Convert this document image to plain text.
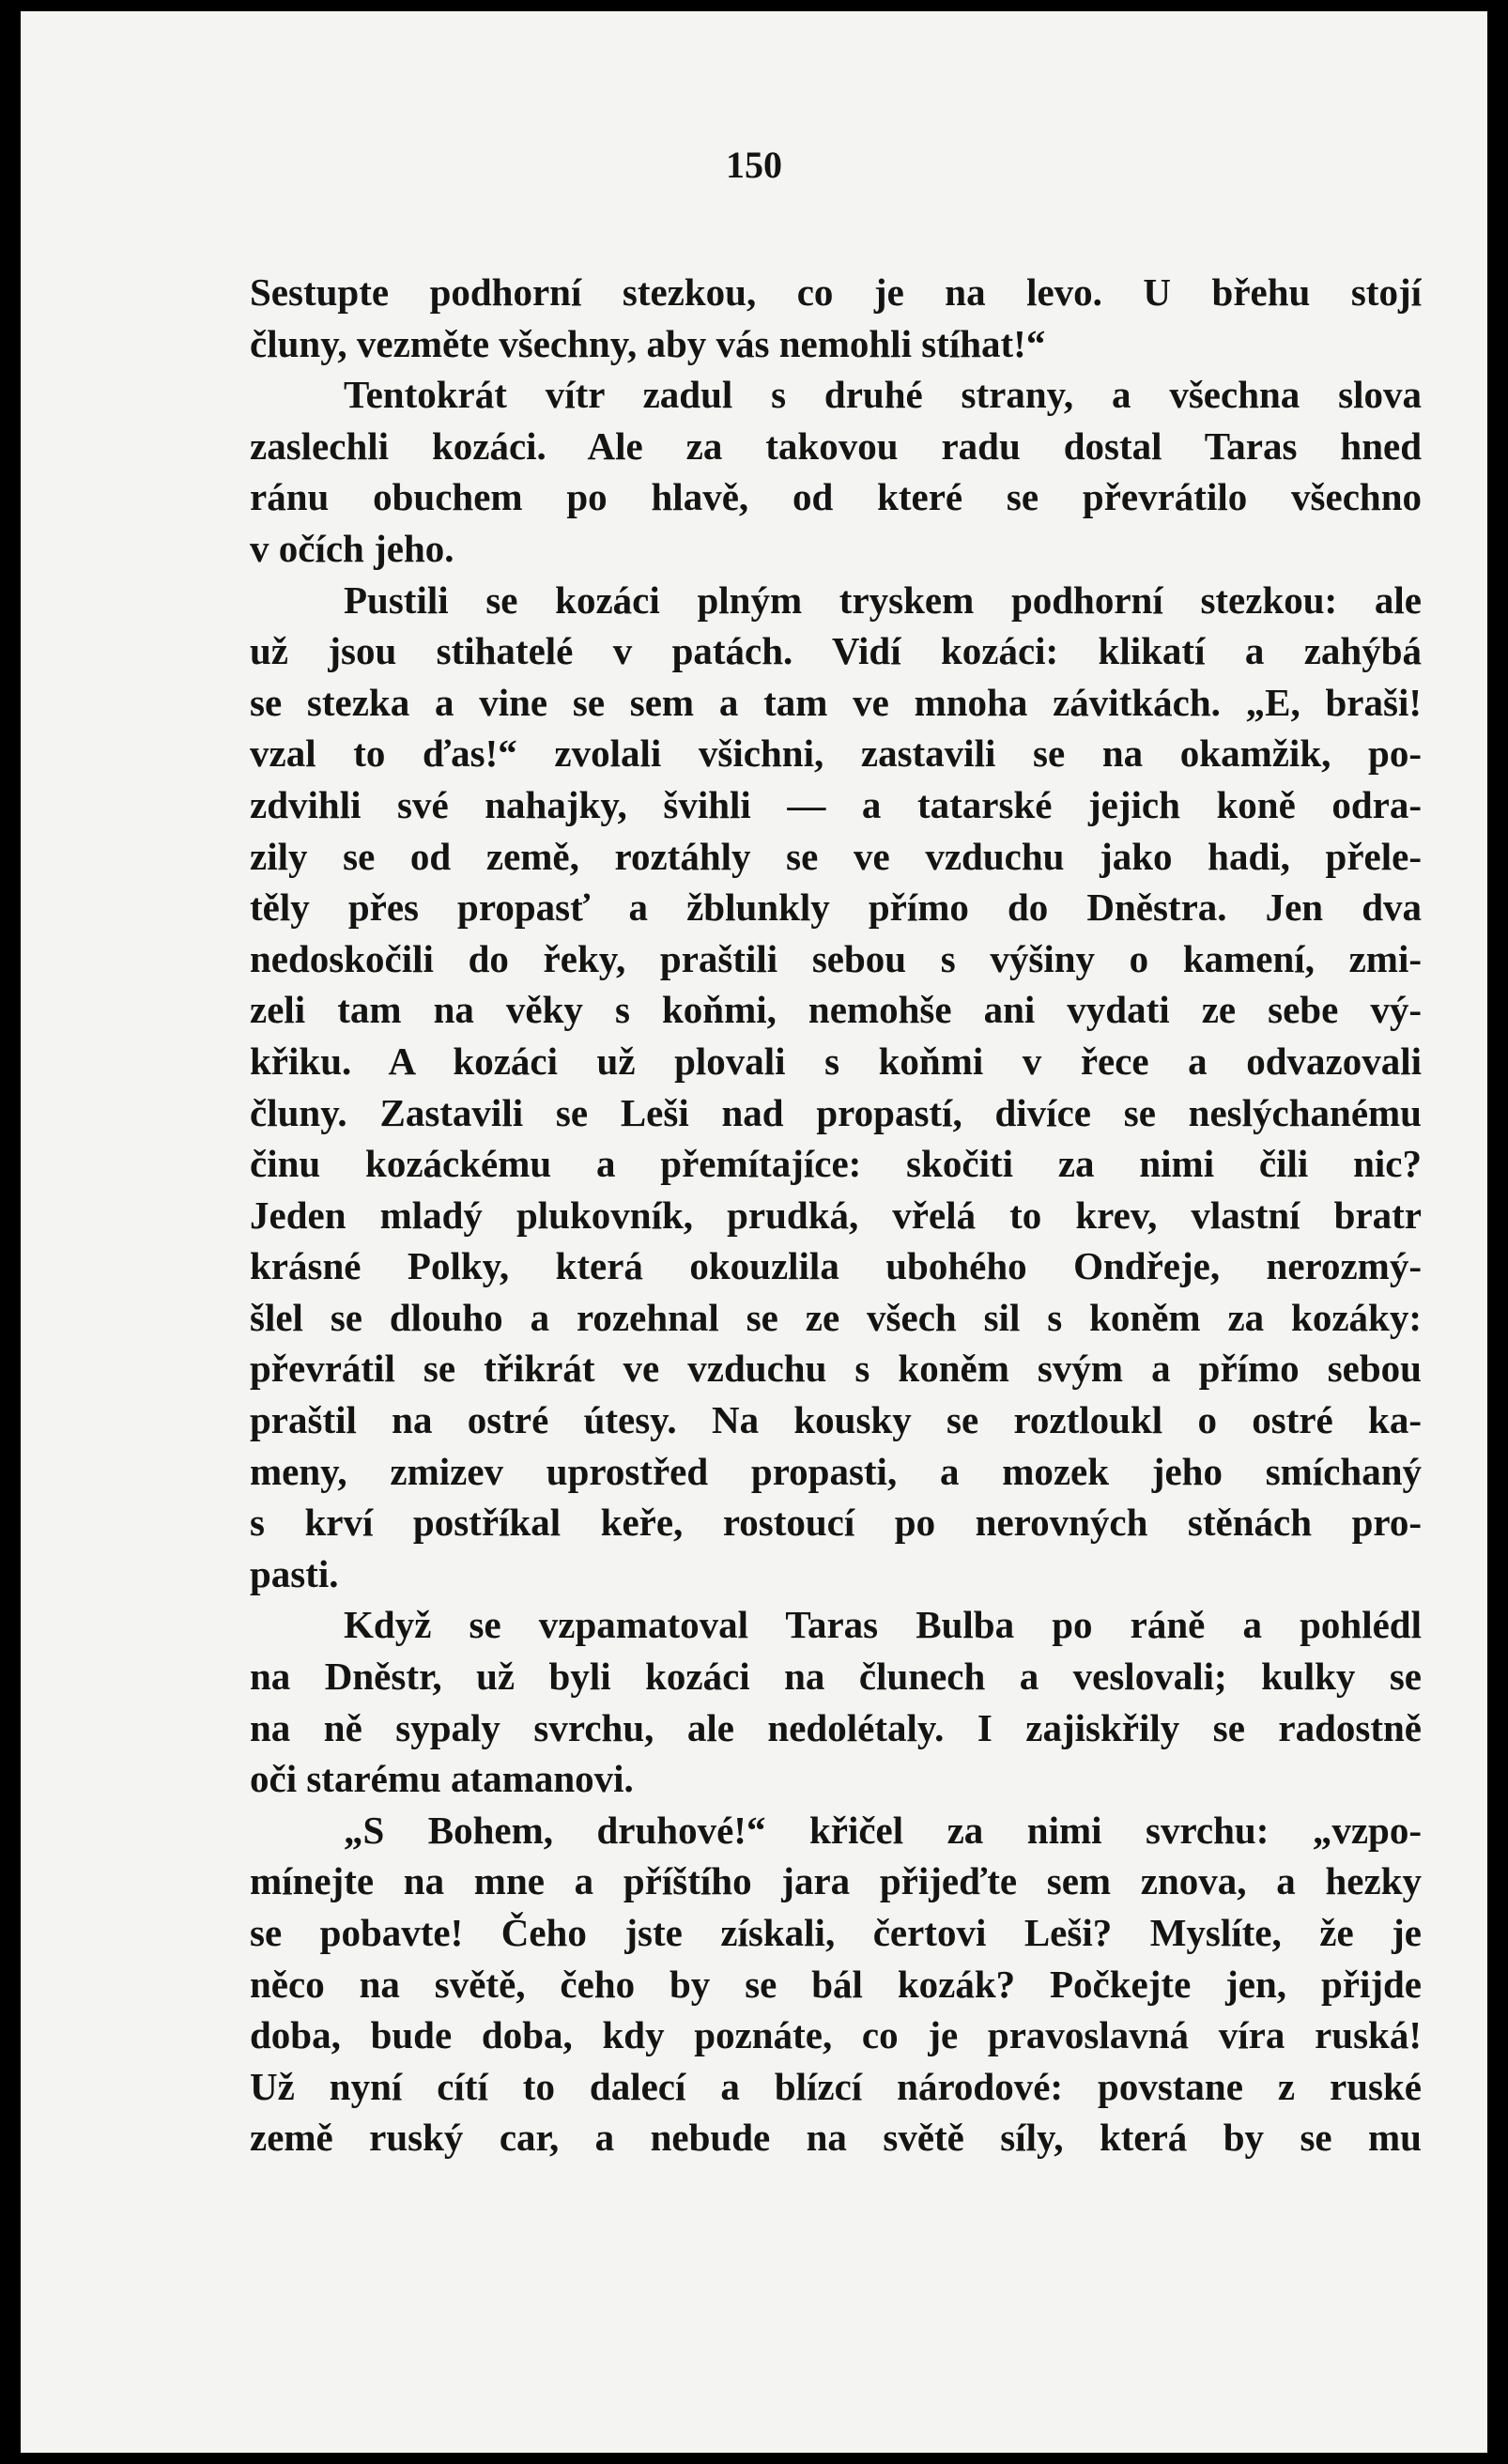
150
Sestupte podhorní stezkou, co je na levo. U břehu stojí
čluny, vezměte všechny, aby vás nemohli stíhat!“
Tentokrát vítr zadul s druhé strany, a všechna slova
zaslechli kozáci. Ale za takovou radu dostal Taras hned
ránu obuchem po hlavě, od které se převrátilo všechno
v očích jeho.
Pustili se kozáci plným tryskem podhorní stezkou: ale
už jsou stihatelé v patách. Vidí kozáci: klikatí a zahýbá
se stezka a vine se sem a tam ve mnoha závitkách. „E, braši!
vzal to ďas!“ zvolali všichni, zastavili se na okamžik, po-
zdvihli své nahajky, švihli — a tatarské jejich koně odra-
zily se od země, roztáhly se ve vzduchu jako hadi, přele-
těly přes propasť a žblunkly přímo do Dněstra. Jen dva
nedoskočili do řeky, praštili sebou s výšiny o kamení, zmi-
zeli tam na věky s koňmi, nemohše ani vydati ze sebe vý-
křiku. A kozáci už plovali s koňmi v řece a odvazovali
čluny. Zastavili se Leši nad propastí, divíce se neslýchanému
činu kozáckému a přemítajíce: skočiti za nimi čili nic?
Jeden mladý plukovník, prudká, vřelá to krev, vlastní bratr
krásné Polky, která okouzlila ubohého Ondřeje, nerozmý-
šlel se dlouho a rozehnal se ze všech sil s koněm za kozáky:
převrátil se třikrát ve vzduchu s koněm svým a přímo sebou
praštil na ostré útesy. Na kousky se roztloukl o ostré ka-
meny, zmizev uprostřed propasti, a mozek jeho smíchaný
s krví postříkal keře, rostoucí po nerovných stěnách pro-
pasti.
Když se vzpamatoval Taras Bulba po ráně a pohlédl
na Dněstr, už byli kozáci na člunech a veslovali; kulky se
na ně sypaly svrchu, ale nedolétaly. I zajiskřily se radostně
oči starému atamanovi.
„S Bohem, druhové!“ křičel za nimi svrchu: „vzpo-
mínejte na mne a příštího jara přijeďte sem znova, a hezky
se pobavte! Čeho jste získali, čertovi Leši? Myslíte, že je
něco na světě, čeho by se bál kozák? Počkejte jen, přijde
doba, bude doba, kdy poznáte, co je pravoslavná víra ruská!
Už nyní cítí to dalecí a blízcí národové: povstane z ruské
země ruský car, a nebude na světě síly, která by se mu
